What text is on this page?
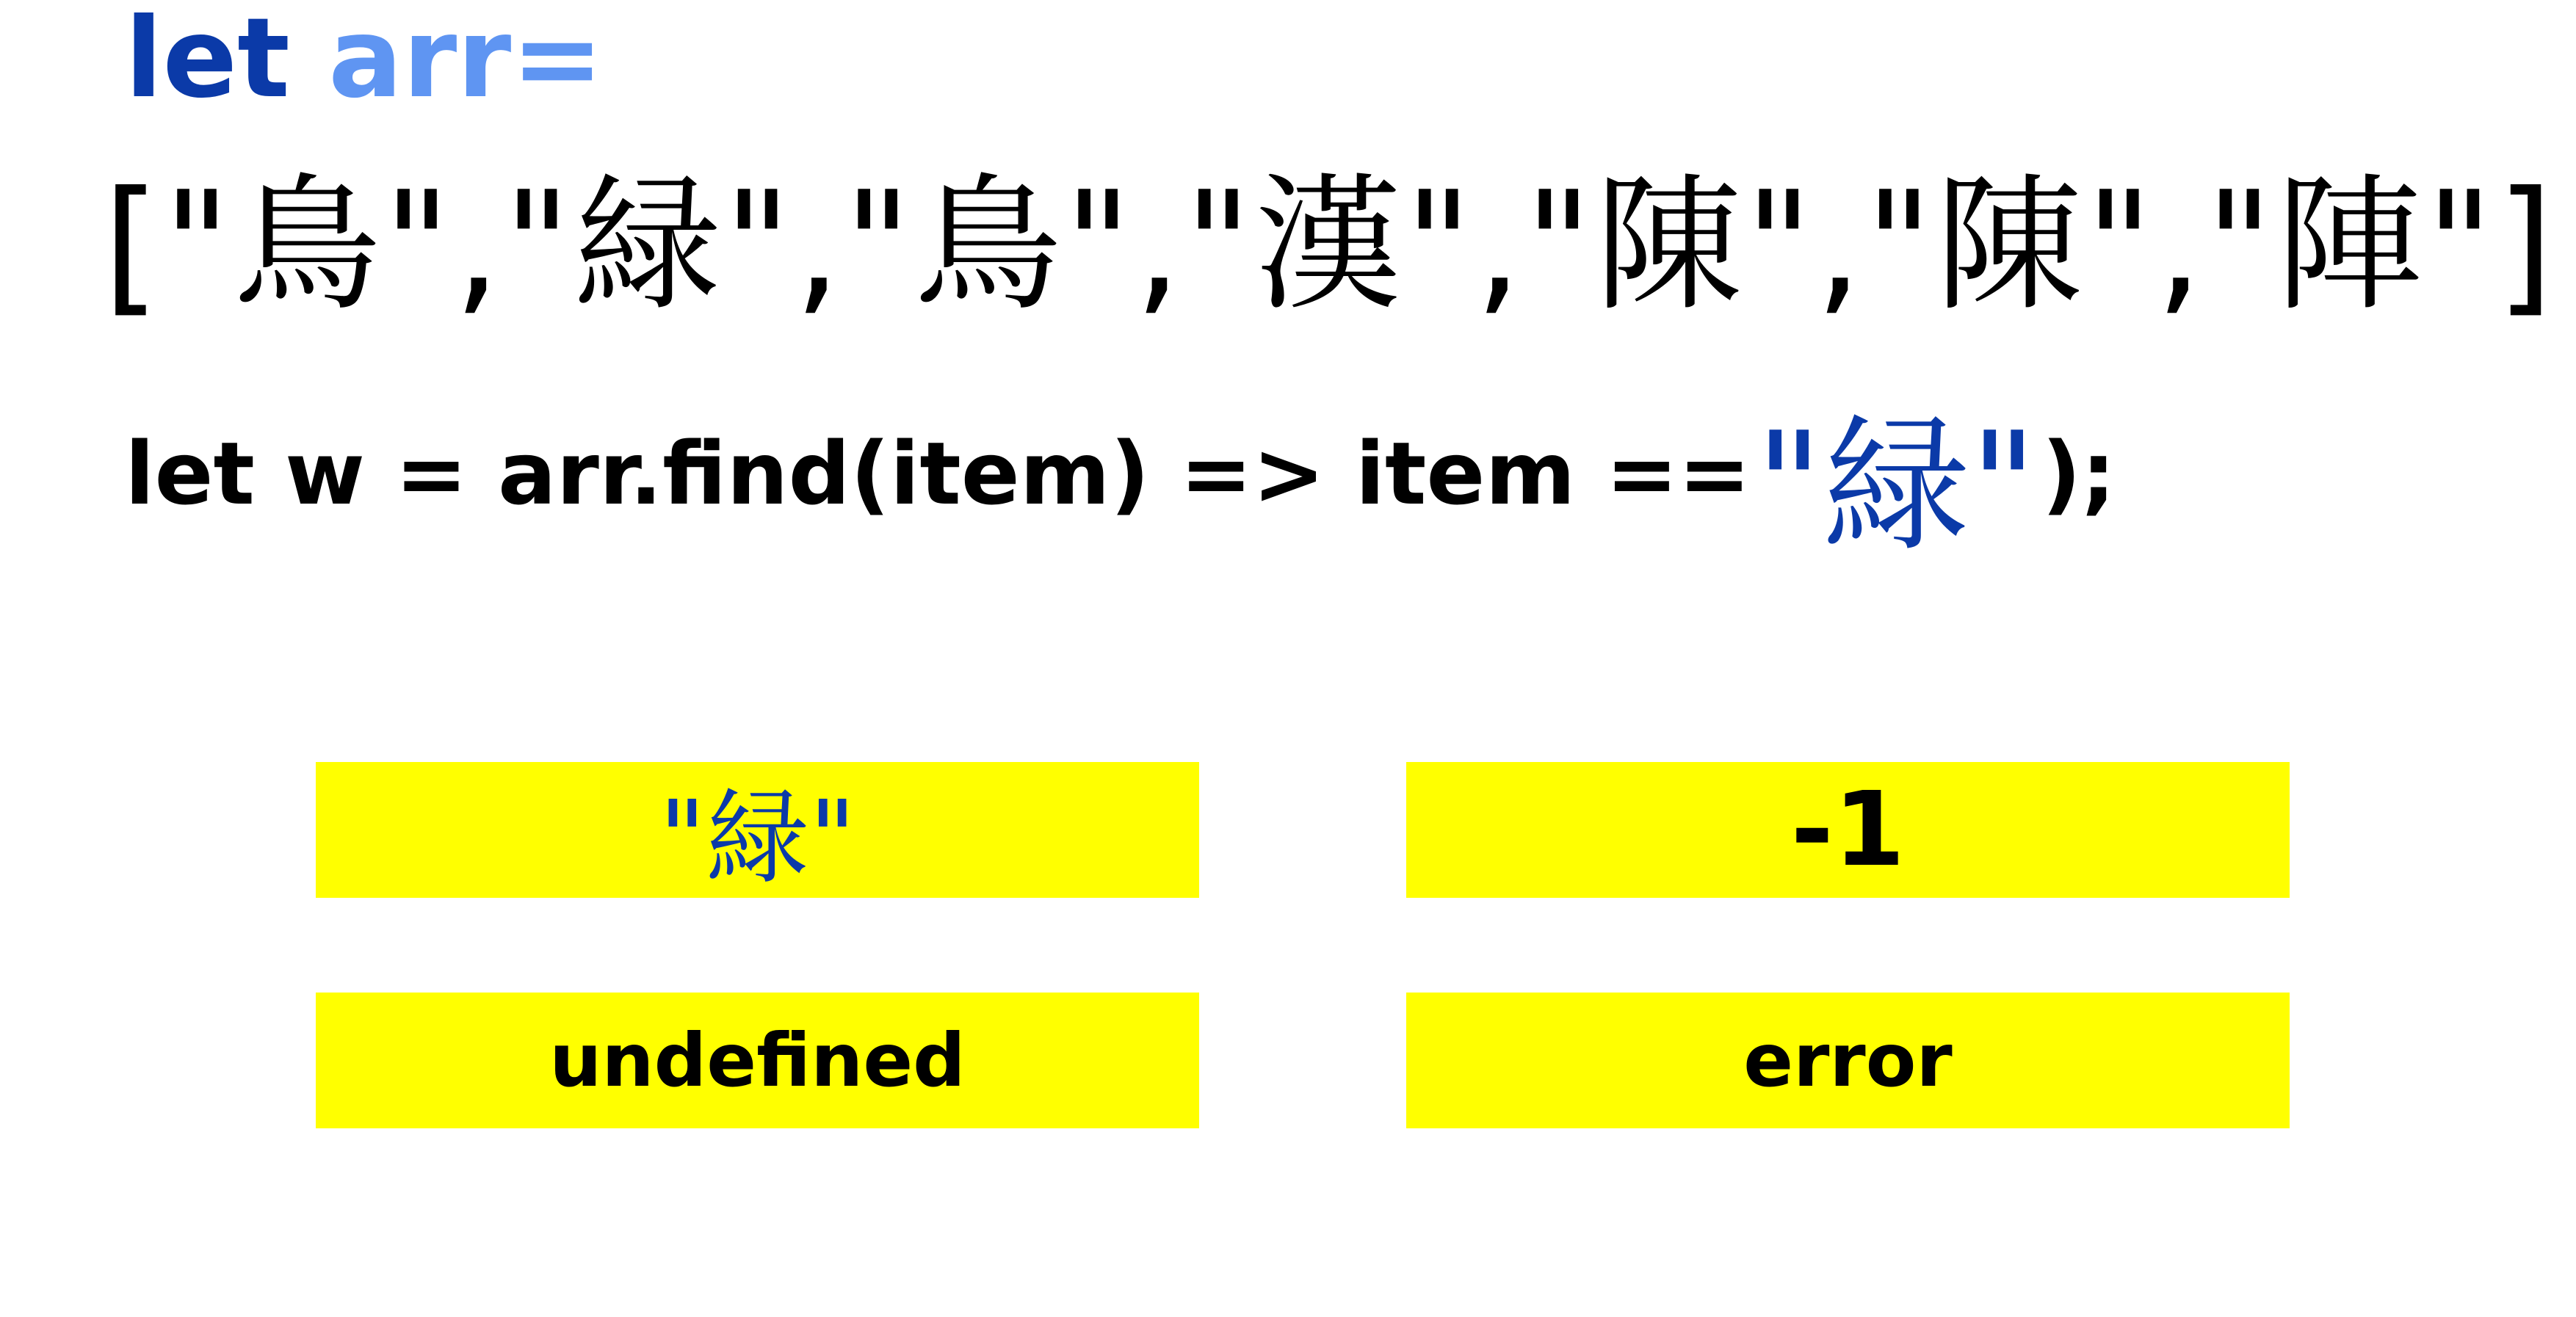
let arr=
[ "鳥", "緑", "鳥", "漢", "陳", "陳", "陣" ]
let w = arr.find(item) => item == "緑" );
"緑"	-1
undefined	error
